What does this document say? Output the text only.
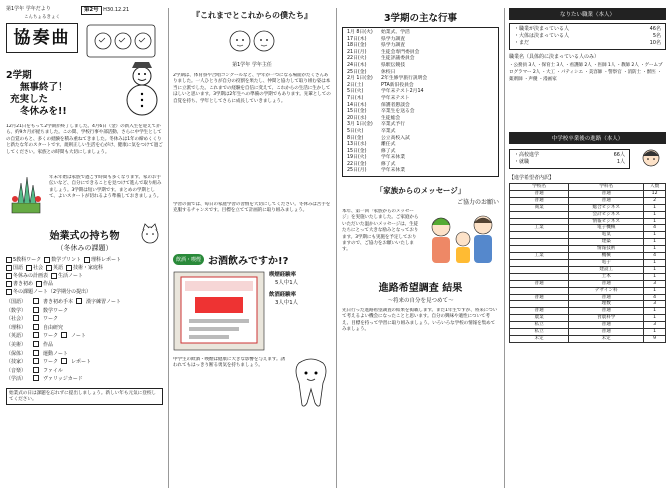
第1学年 学年だより
こんちょるきょく
協奏曲
第2号 H30.12.21
2学期
無事終了！
充実した
冬休みを!!
12月21日をもって2学期が終了しました。4月6日（金）の新入生を迎えてから、約9カ月が経ちました。この間、学校行事や部活動、さらに中学生としての自覚のもと、多くの経験を積み重ねてきました。冬休みは1年の締めくくりと新たな年のスタートです。規則正しい生活を心がけ、健康に気をつけて過ごしてください。家族との時間も大切にしましょう。
年末年始は家族で過ごす時間も多くなります。家のお手伝いなど、自分にできることを見つけて進んで取り組みましょう。3学期は短い学期です。まとめの学期として、よいスタートが切れるよう準備しておきましょう。
始業式の持ち物
（冬休みの課題）
5教科ワーク	数学プリント	理科レポート
国語	社会	英語	技術・家庭科
冬休みの計画表	生活ノート
書き初め	作品
冬の課題ノート（2学期分の提出）
（国語）	書き初め手本	漢字練習ノート
（数学）	数学ワーク
（社会）	ワーク
（理科）	自由研究
（英語）	ワーク	ノート
（美術）	作品
（保体）	運動ノート
（技家）	ワーク	レポート
（音楽）	ファイル
（学活）	ヴァリッジカード
始業式の日は課題を忘れずに提出しましょう。新しい年も元気に登校してください。
『これまでとこれからの僕たち』
第1学年 学年主任
2学期は、体育祭や合唱コンクールなど、学年が一つになる場面がたくさんありました。一人ひとりが自分の役割を果たし、仲間と協力して取り組む姿は本当に立派でした。これまでの経験を自信に変えて、これからの生活に生かしてほしいと思います。3学期は2年生への準備の学期でもあります。先輩としての自覚を持ち、学年としてさらに成長していきましょう。
学習の面では、毎日の家庭学習の習慣を大切にしてください。冬休みは苦手を克服するチャンスです。目標を立てて計画的に取り組みましょう。
飲酒・喫煙 お酒飲みですか!?
喫煙経験率
5人中1人
飲酒経験率
3人中1人
中学生の飲酒・喫煙は健康に大きな影響を与えます。誘われてもはっきり断る勇気を持ちましょう。
3学期の主な行事
1月 8日(火)	始業式、学活
17日(木)	県学力調査
18日(金)	県学力調査
21日(月)	生徒会専門委員会
22日(火)	生徒評議委員会
24日(木)	県駅伝競技
25日(金)	休校日
2月 1日(金)	2年生修学旅行説明会
2日(土)	PTA新旧役員会
5日(火)	学年末テスト2月14
7日(木)	学年末テスト
14日(木)	保護者懇談会
15日(金)	卒業生を送る会
20日(水)	生徒総会
3月 1日(金)	卒業式予行
5日(火)	卒業式
8日(金)	公立高校入試
13日(水)	離任式
15日(金)	修了式
19日(火)	学年末休業
22日(金)	修了式
25日(月)	学年末休業
「家族からのメッセージ」
ご協力のお願い
本年、第一回「家族からのメッセージ」を実施いたしました。ご家庭からいただいた温かいメッセージは、生徒たちにとって大きな励みとなっております。3学期にも実施を予定しておりますので、ご協力をお願いいたします。
進路希望調査 結果
〜将来の自分を見つめて〜
先日行った進路希望調査の結果を掲載します。まだ1年生ですが、将来について考えるよい機会になったことと思います。自分の興味や適性について考え、目標を持って学習に取り組みましょう。いろいろな学校の情報を集めてみましょう。
なりたい職業（本人）
・職業が決まっている人	46名
・大体は決まっている人	5名
・まだ	10名
職業名（具体的に決まっている人のみ）
・公務員 3人 ・保育士 3人 ・看護師 2人 ・医師 1人 ・教師 2人 ・ゲームプログラマー 2人 ・大工 ・パティシエ ・美容師 ・警察官 ・消防士 ・獣医 ・薬剤師 ・声優 ・漫画家
中学校卒業後の進路（本人）
・高校進学	66人
・就職	1人
【進学希望者内訳】
学校名	学科名	人数
普通	普通	12
普通	普通	2
商業	総合ビジネス	1
	会計ビジネス	1
	情報ビジネス	1
工業	電子機械	4
	電気	1
	建築	1
	情報技術	1
工業	機械	4
	電子	1
	建設工	1
	土木	1
普通	普通	3
	デザイン科	1
普通	普通	4
	理数	3
普通	普通	1
農業	食農科学	1
私立	普通	3
私立	普通	1
未定	未定	9
